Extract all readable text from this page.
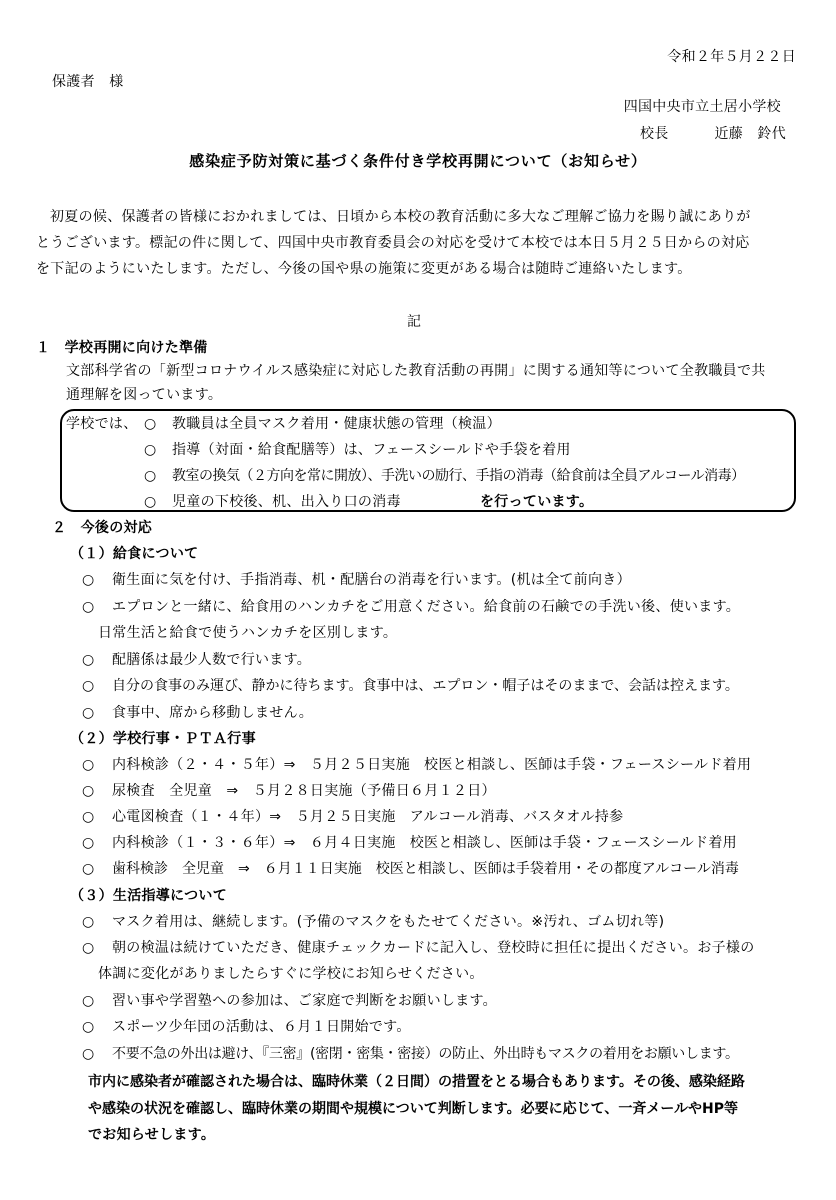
令和２年５月２２日
保護者　様
四国中央市立土居小学校
校長	近藤　鈴代
感染症予防対策に基づく条件付き学校再開について（お知らせ）
初夏の候、保護者の皆様におかれましては、日頃から本校の教育活動に多大なご理解ご協力を賜り誠にありが
とうございます。標記の件に関して、四国中央市教育委員会の対応を受けて本校では本日５月２５日からの対応
を下記のようにいたします。ただし、今後の国や県の施策に変更がある場合は随時ご連絡いたします。
記
１　学校再開に向けた準備
文部科学省の「新型コロナウイルス感染症に対応した教育活動の再開」に関する通知等について全教職員で共
通理解を図っています。
学校では、 ○ 教職員は全員マスク着用・健康状態の管理（検温）
○ 指導（対面・給食配膳等）は、フェースシールドや手袋を着用
○ 教室の換気（２方向を常に開放）、手洗いの励行、手指の消毒（給食前は全員アルコール消毒）
○ 児童の下校後、机、出入り口の消毒	を行っています。
２　今後の対応
（１）給食について
○ 衛生面に気を付け、手指消毒、机・配膳台の消毒を行います。(机は全て前向き）
○ エプロンと一緒に、給食用のハンカチをご用意ください。給食前の石鹸での手洗い後、使います。
日常生活と給食で使うハンカチを区別します。
○ 配膳係は最少人数で行います。
○ 自分の食事のみ運び、静かに待ちます。食事中は、エプロン・帽子はそのままで、会話は控えます。
○ 食事中、席から移動しません。
（２）学校行事・ＰＴＡ行事
○ 内科検診（２・４・５年）⇒　５月２５日実施 校医と相談し、医師は手袋・フェースシールド着用
○ 尿検査　全児童　⇒　５月２８日実施（予備日６月１２日）
○ 心電図検査（１・４年）⇒　５月２５日実施 アルコール消毒、バスタオル持参
○ 内科検診（１・３・６年）⇒　６月４日実施 校医と相談し、医師は手袋・フェースシールド着用
○ 歯科検診　全児童　⇒　６月１１日実施 校医と相談し、医師は手袋着用・その都度アルコール消毒
（３）生活指導について
○ マスク着用は、継続します。(予備のマスクをもたせてください。※汚れ、ゴム切れ等)
○ 朝の検温は続けていただき、健康チェックカードに記入し、登校時に担任に提出ください。お子様の
体調に変化がありましたらすぐに学校にお知らせください。
○ 習い事や学習塾への参加は、ご家庭で判断をお願いします。
○ スポーツ少年団の活動は、６月１日開始です。
○ 不要不急の外出は避け、『三密』(密閉・密集・密接）の防止、外出時もマスクの着用をお願いします。
市内に感染者が確認された場合は、臨時休業（２日間）の措置をとる場合もあります。その後、感染経路
や感染の状況を確認し、臨時休業の期間や規模について判断します。必要に応じて、一斉メールやHP等
でお知らせします。
